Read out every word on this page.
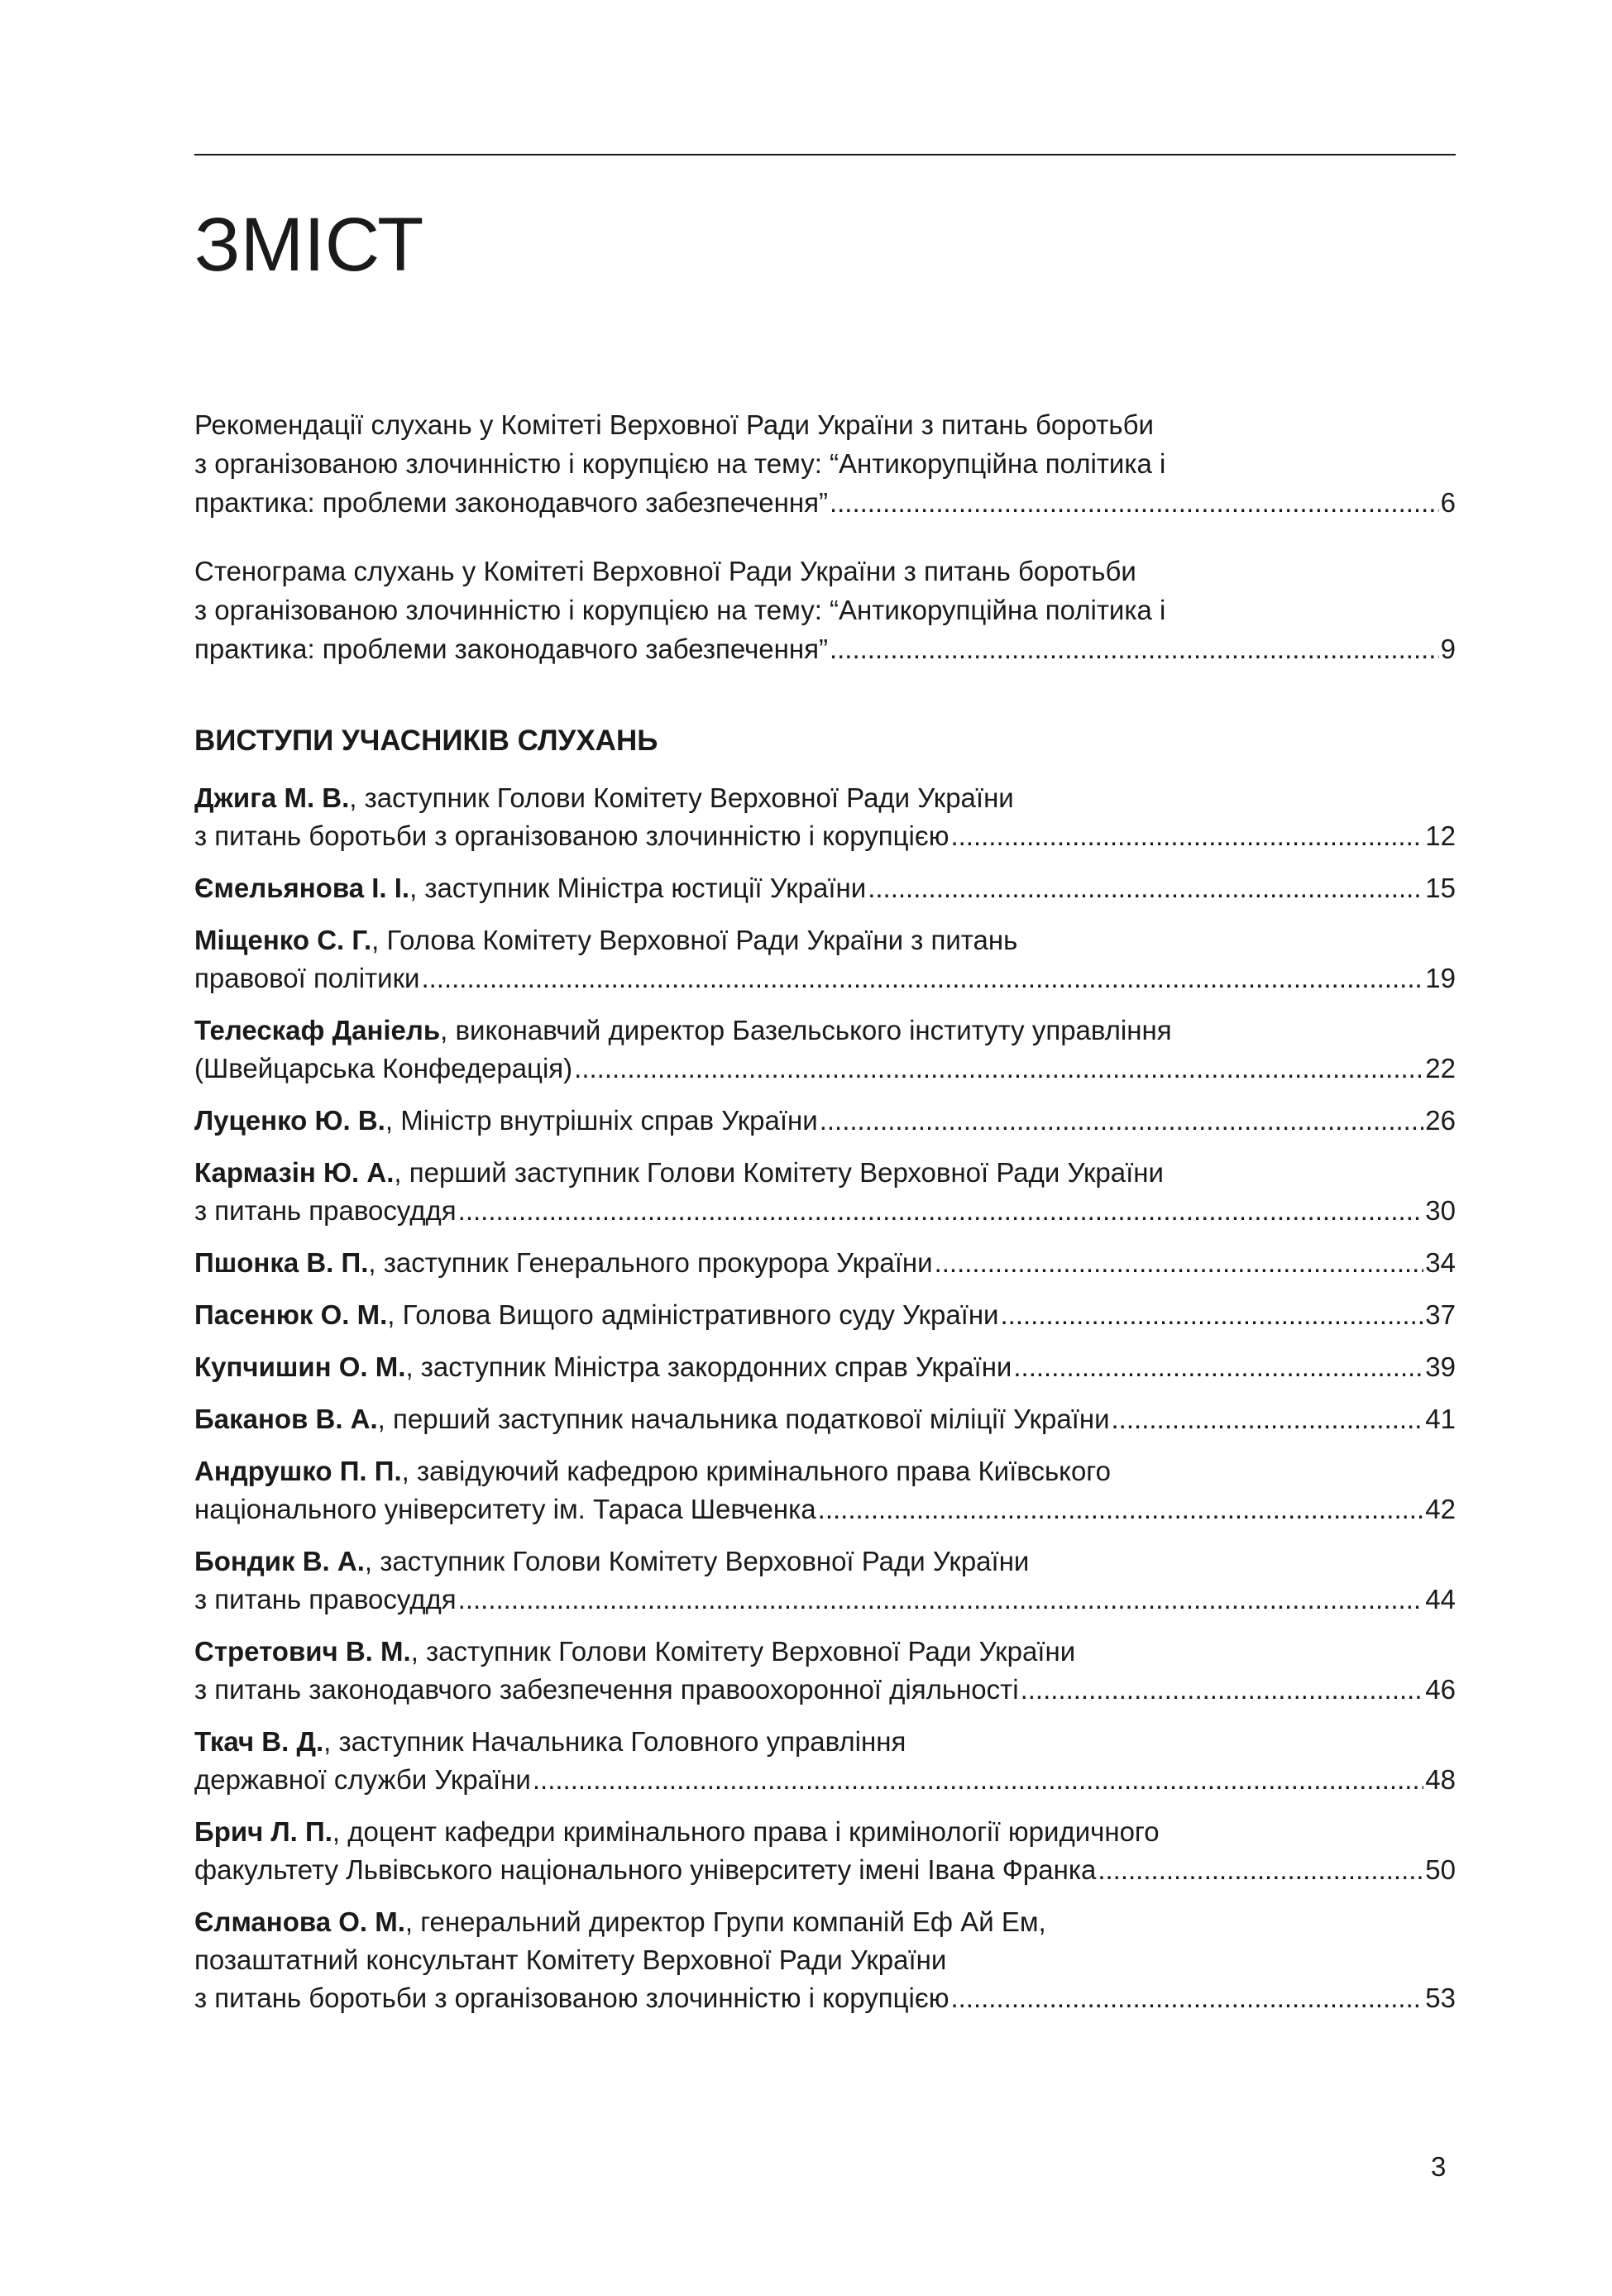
ЗМІСТ
Рекомендації слухань у Комітеті Верховної Ради України з питань боротьби
з організованою злочинністю і корупцією на тему: “Антикорупційна політика і
практика: проблеми законодавчого забезпечення” .....	6
Стенограма слухань у Комітеті Верховної Ради України з питань боротьби
з організованою злочинністю і корупцією на тему: “Антикорупційна політика і
практика: проблеми законодавчого забезпечення” .....	9
ВИСТУПИ УЧАСНИКІВ СЛУХАНЬ
Джига М. В., заступник Голови Комітету Верховної Ради України
з питань боротьби з організованою злочинністю і корупцією .....	12
Ємельянова І. І., заступник Міністра юстиції України .....	15
Міщенко С. Г., Голова Комітету Верховної Ради України з питань
правової політики .....	19
Телескаф Даніель, виконавчий директор Базельського інституту управління
(Швейцарська Конфедерація) .....	22
Луценко Ю. В., Міністр внутрішніх справ України .....	26
Кармазін Ю. А., перший заступник Голови Комітету Верховної Ради України
з питань правосуддя .....	30
Пшонка В. П., заступник Генерального прокурора України .....	34
Пасенюк О. М., Голова Вищого адміністративного суду України .....	37
Купчишин О. М., заступник Міністра закордонних справ України .....	39
Баканов В. А., перший заступник начальника податкової міліції України .....	41
Андрушко П. П., завідуючий кафедрою кримінального права Київського
національного університету ім. Тараса Шевченка .....	42
Бондик В. А., заступник Голови Комітету Верховної Ради України
з питань правосуддя .....	44
Стретович В. М., заступник Голови Комітету Верховної Ради України
з питань законодавчого забезпечення правоохоронної діяльності .....	46
Ткач В. Д., заступник Начальника Головного управління
державної служби України .....	48
Брич Л. П., доцент кафедри кримінального права і кримінології юридичного
факультету Львівського національного університету імені Івана Франка .....	50
Єлманова О. М., генеральний директор Групи компаній Еф Ай Ем,
позаштатний консультант Комітету Верховної Ради України
з питань боротьби з організованою злочинністю і корупцією .....	53
3
